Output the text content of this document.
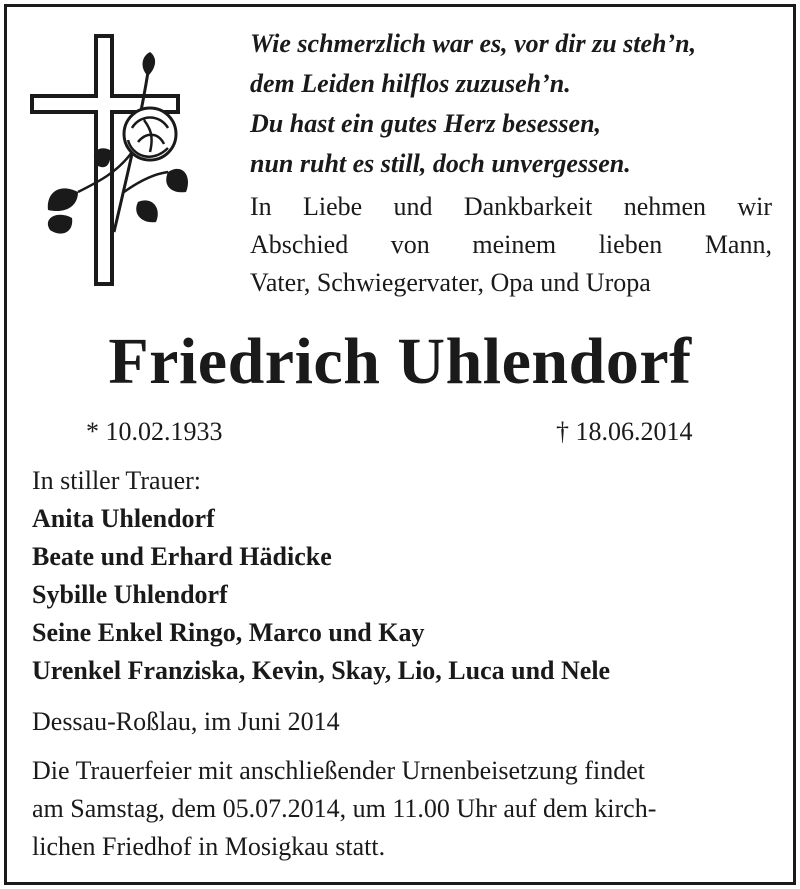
Wie schmerzlich war es, vor dir zu steh’n,
dem Leiden hilflos zuzuseh’n.
Du hast ein gutes Herz besessen,
nun ruht es still, doch unvergessen.
In Liebe und Dankbarkeit nehmen wir
Abschied von meinem lieben Mann,
Vater, Schwiegervater, Opa und Uropa
Friedrich Uhlendorf
* 10.02.1933	† 18.06.2014
In stiller Trauer:
Anita Uhlendorf
Beate und Erhard Hädicke
Sybille Uhlendorf
Seine Enkel Ringo, Marco und Kay
Urenkel Franziska, Kevin, Skay, Lio, Luca und Nele
Dessau-Roßlau, im Juni 2014
Die Trauerfeier mit anschließender Urnenbeisetzung findet
am Samstag, dem 05.07.2014, um 11.00 Uhr auf dem kirch-
lichen Friedhof in Mosigkau statt.
